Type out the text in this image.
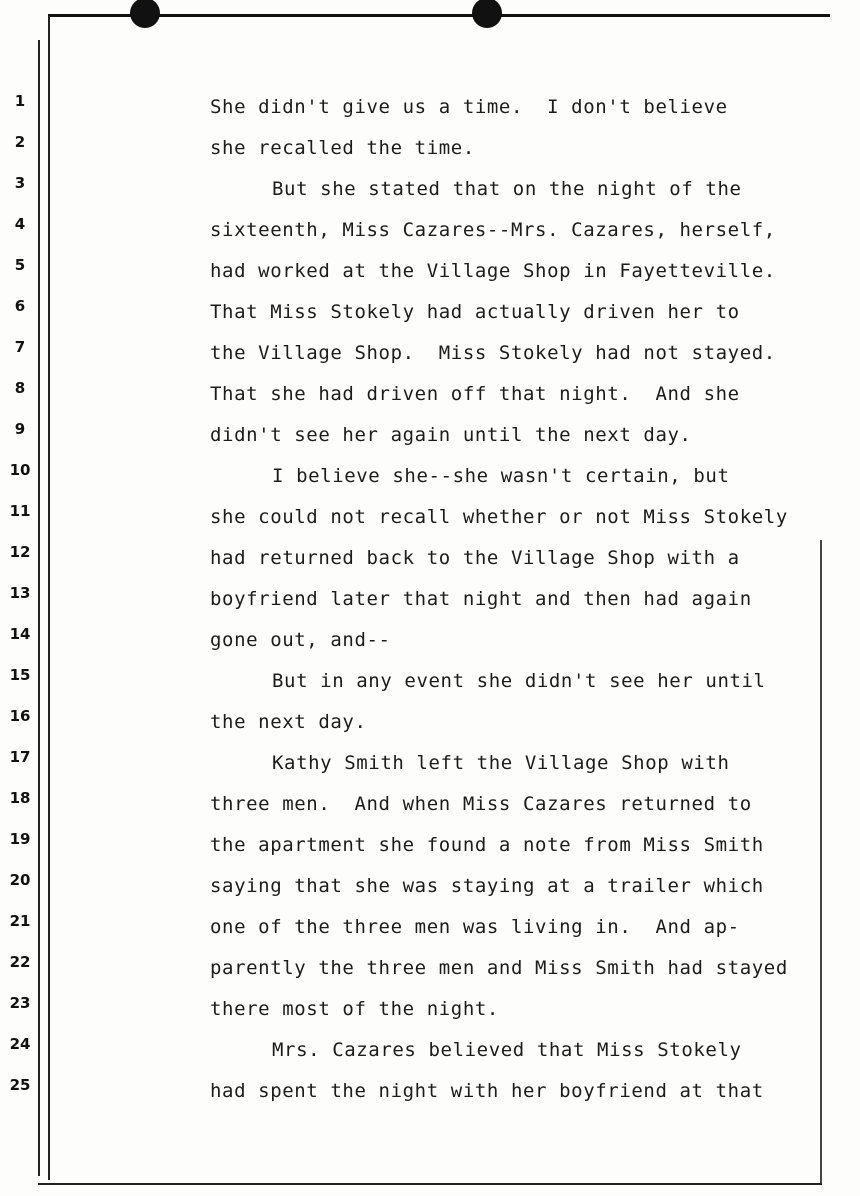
1
2
3
4
5
6
7
8
9
10
11
12
13
14
15
16
17
18
19
20
21
22
23
24
25
She didn't give us a time.  I don't believe
she recalled the time.
But she stated that on the night of the
sixteenth, Miss Cazares--Mrs. Cazares, herself,
had worked at the Village Shop in Fayetteville.
That Miss Stokely had actually driven her to
the Village Shop.  Miss Stokely had not stayed.
That she had driven off that night.  And she
didn't see her again until the next day.
I believe she--she wasn't certain, but
she could not recall whether or not Miss Stokely
had returned back to the Village Shop with a
boyfriend later that night and then had again
gone out, and--
But in any event she didn't see her until
the next day.
Kathy Smith left the Village Shop with
three men.  And when Miss Cazares returned to
the apartment she found a note from Miss Smith
saying that she was staying at a trailer which
one of the three men was living in.  And ap-
parently the three men and Miss Smith had stayed
there most of the night.
Mrs. Cazares believed that Miss Stokely
had spent the night with her boyfriend at that
